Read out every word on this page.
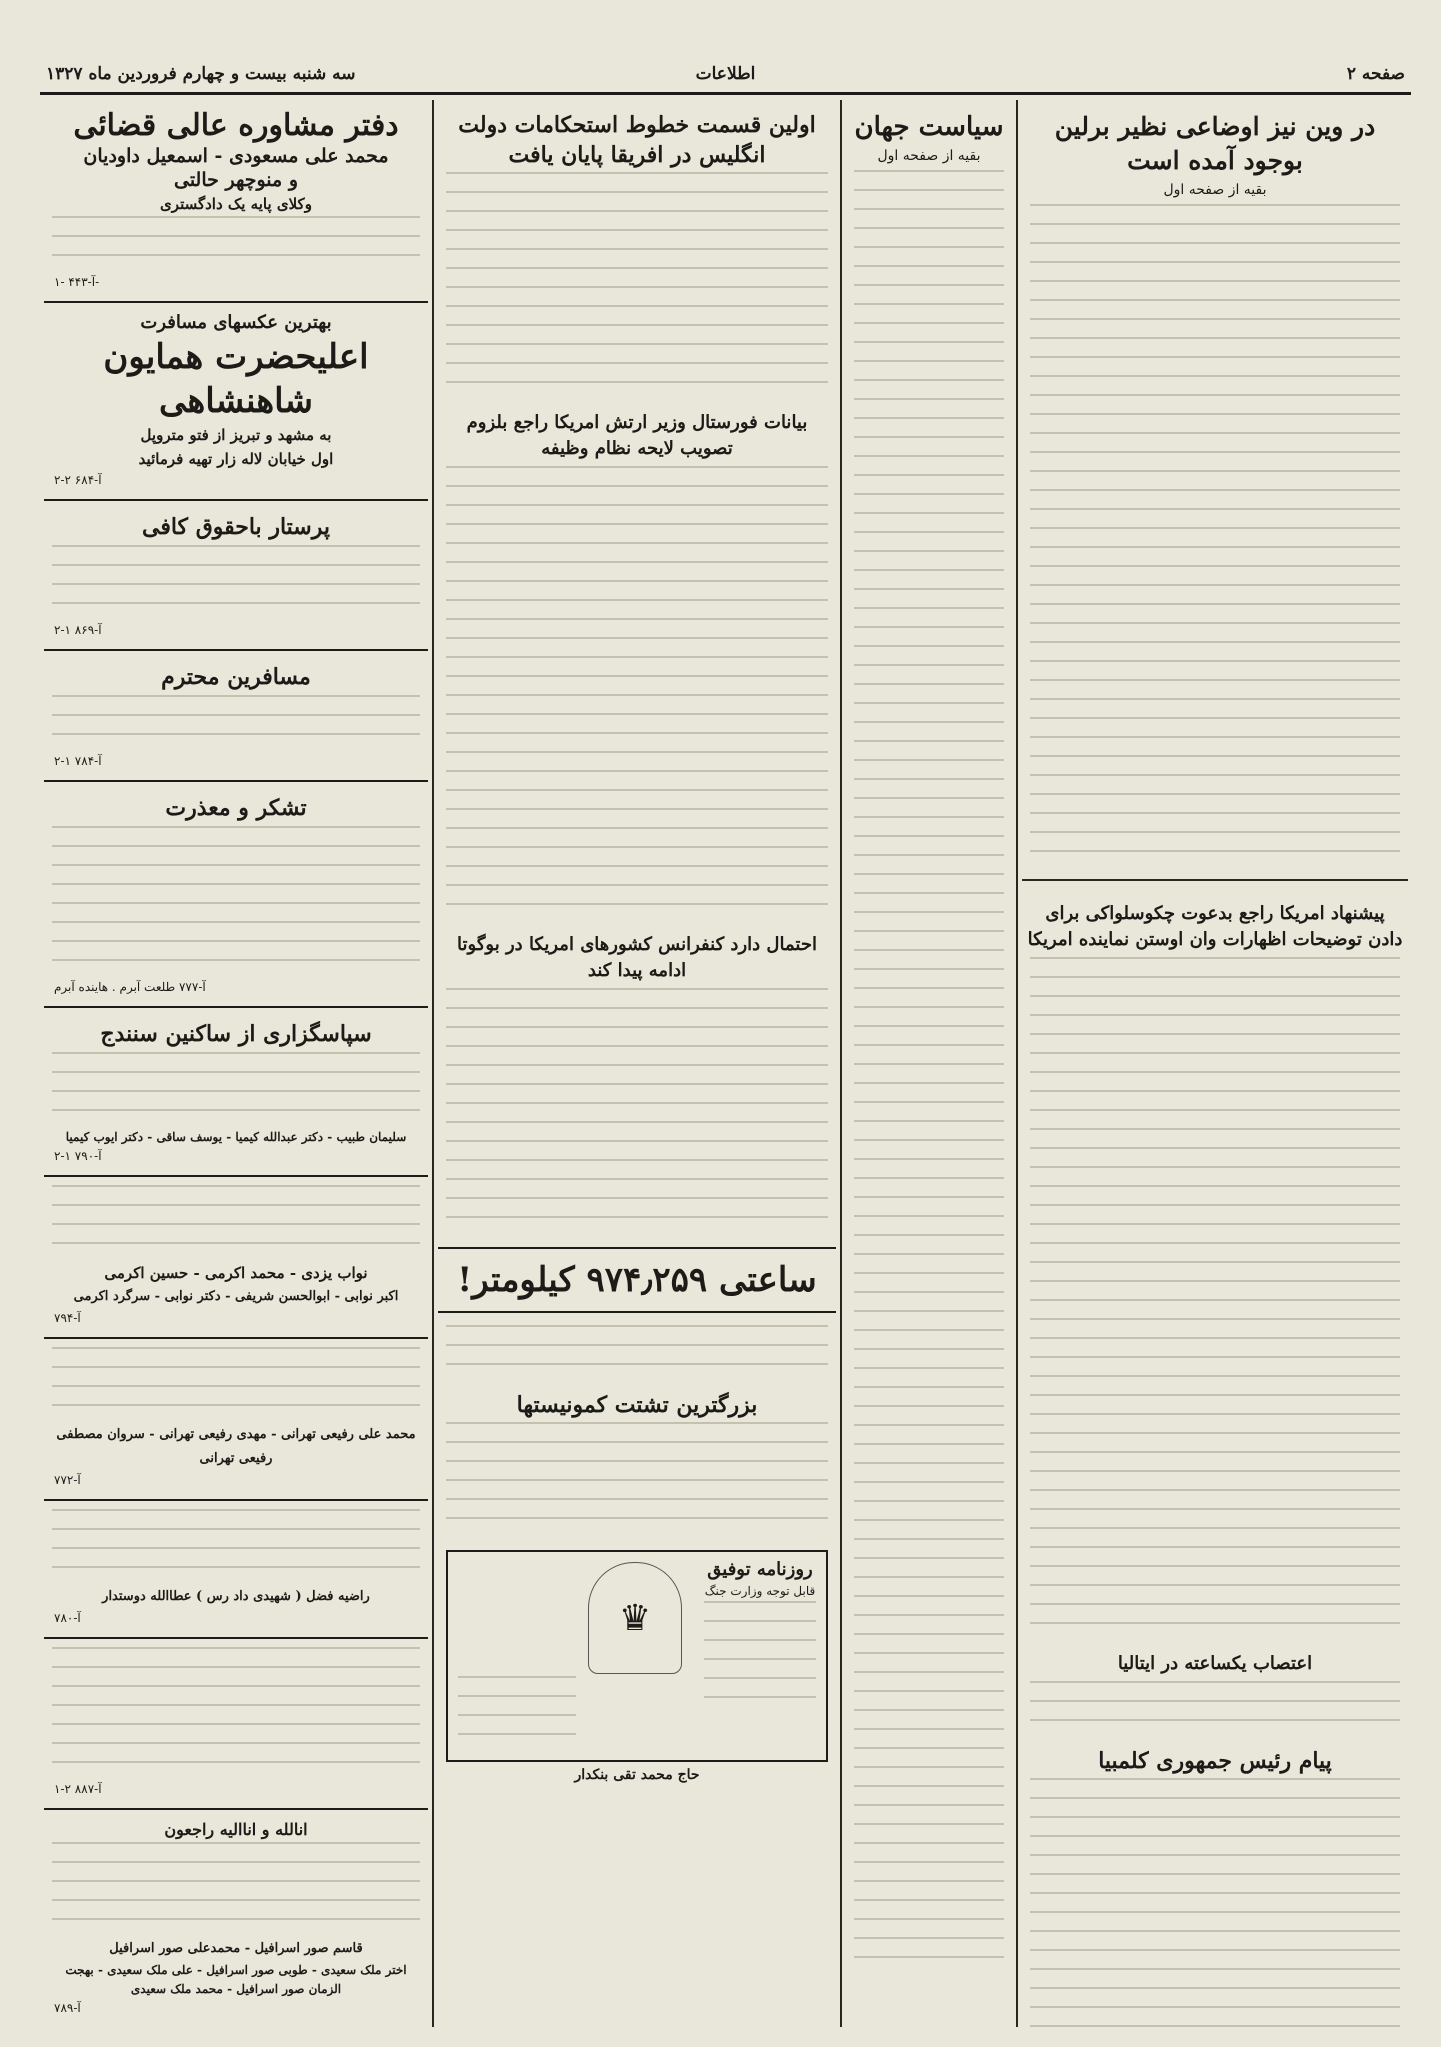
صفحه ۲
اطلاعات
سه شنبه بیست و چهارم فروردین ماه ۱۳۲۷
در وین نیز اوضاعی نظیر برلین بوجود آمده است
بقیه از صفحه اول
پیشنهاد امریکا راجع بدعوت چکوسلواکی برای دادن توضیحات اظهارات وان اوستن نماینده امریکا
اعتصاب یکساعته در ایتالیا
پیام رئیس جمهوری کلمبیا
سیاست جهان
بقیه از صفحه اول
اولین قسمت خطوط استحکامات دولت انگلیس در افریقا پایان یافت
بیانات فورستال وزیر ارتش امریکا راجع بلزوم تصویب لایحه نظام وظیفه
احتمال دارد کنفرانس کشورهای امریکا در بوگوتا ادامه پیدا کند
ساعتی ۹۷۴٫۲۵۹ کیلومتر!
بزرگترین تشتت کمونیستها
♛
روزنامه توفیق
قابل توجه وزارت جنگ
حاج محمد تقی بنکدار
دفتر مشاوره عالی قضائی
محمد علی مسعودی - اسمعیل داودیان
و منوچهر حالتی
وکلای پایه یک دادگستری
آ-۴۴۳ -۱-
بهترین عکسهای مسافرت
اعلیحضرت همایون شاهنشاهی
به مشهد و تبریز از فتو متروپل
اول خیابان لاله زار تهیه فرمائید
آ-۶۸۴ ۲-۲
پرستار باحقوق کافی
آ-۸۶۹ ۱-۲
مسافرین محترم
آ-۷۸۴ ۱-۲
تشکر و معذرت
آ-۷۷۷ طلعت آبرم . هاینده آبرم
سپاسگزاری از ساکنین سنندج
سلیمان طبیب - دکتر عبدالله کیمیا - یوسف ساقی - دکتر ایوب کیمیا
آ-۷۹۰ ۱-۲
نواب یزدی - محمد اکرمی - حسین اکرمی
اکبر نوابی - ابوالحسن شریفی - دکتر نوابی - سرگرد اکرمی
آ-۷۹۴
محمد علی رفیعی تهرانی - مهدی رفیعی تهرانی - سروان مصطفی رفیعی تهرانی
آ-۷۷۲
راضیه فضل ( شهیدی داد رس ) عطاالله دوستدار
آ-۷۸۰
آ-۸۸۷ ۲-۱
انالله و اناالیه راجعون
قاسم صور اسرافیل - محمدعلی صور اسرافیل
اختر ملک سعیدی - طوبی صور اسرافیل - علی ملک سعیدی - بهجت الزمان صور اسرافیل - محمد ملک سعیدی
آ-۷۸۹
